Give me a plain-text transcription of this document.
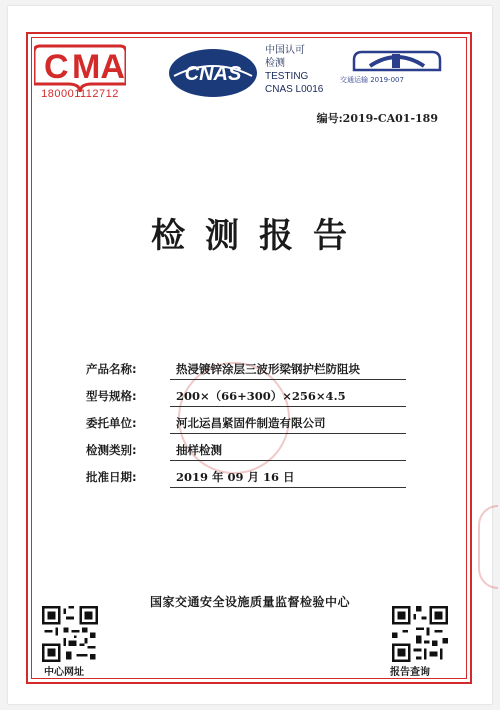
C MA
180001112712
CNAS
中国认可
检测
TESTING
CNAS L0016
交通运输 2019-007
编号:2019-CA01-189
检测报告
产品名称:	热浸镀锌涂层三波形梁钢护栏防阻块
型号规格:	200×（66+300）×256×4.5
委托单位:	河北运昌紧固件制造有限公司
检测类别:	抽样检测
批准日期:	2019 年 09 月 16 日
国家交通安全设施质量监督检验中心
中心网址	报告查询
